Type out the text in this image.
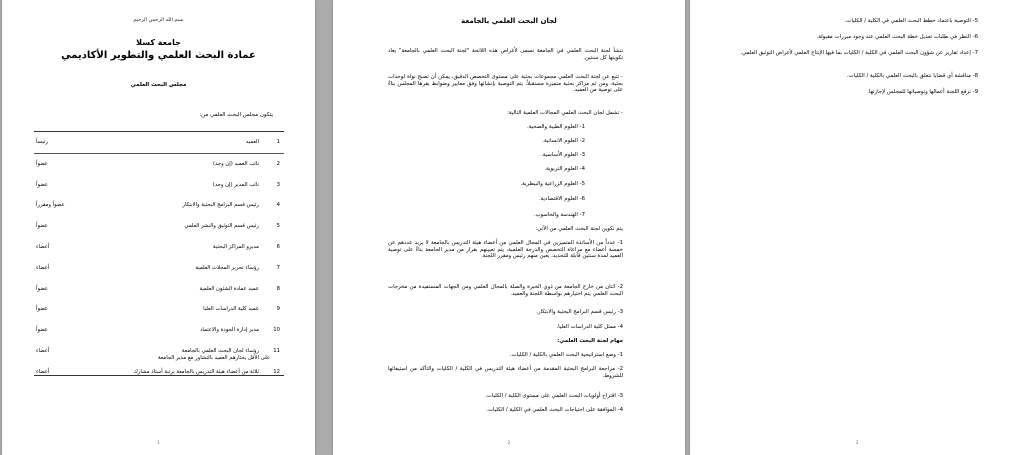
بسم الله الرحمن الرحيم
جامعة كسلا
عمادة البحث العلمي والتطوير الأكاديمي
مجلس البحث العلمي
يتكون مجلس البحث العلمي من:
1
العميد
رئيساً
2
نائب العميد (إن وجد)
عضواً
3
نائب المدير (إن وجد)
عضواً
4
رئيس قسم البرامج البحثية والابتكار
عضواً ومقرراً
5
رئيس قسم التوثيق والنشر العلمي
عضواً
6
مديرو المراكز البحثية
أعضاء
7
رؤساء تحرير المجلات العلمية
أعضاء
8
عميد عمادة الشئون العلمية
عضواً
9
عميد كلية الدراسات العليا
عضواً
10
مدير إدارة الجودة والاعتماد
عضواً
11
رؤساء لجان البحث العلمي بالجامعة
أعضاء
12
ثلاثة من أعضاء هيئة التدريس بالجامعة برتبة أستاذ مشارك
أعضاء
على الأقل يختارهم العميد بالتشاور مع مدير الجامعة
1
لجان البحث العلمي بالجامعة
تنشأ لجنة البحث العلمي في الجامعة تسمى لأغراض هذه اللائحة "لجنة البحث العلمي بالجامعة" يعاد تكوينها كل سنتين.
- تتبع عن لجنة البحث العلمي مجموعات بحثية على مستوى التخصص الدقيق، يمكن أن تصبح نواة لوحدات بحثية، ومن ثم مراكز بحثية متميزة مستقبلاً، يتم التوصية بإنشائها وفق معايير وضوابط يقرها المجلس بناءً على توصية من العميد.
- تشمل لجان البحث العلمي المجالات العلمية التالية:
1- العلوم الطبية والصحية.
2- العلوم الانسانية.
3- العلوم الأساسية.
4- العلوم التربوية.
5- العلوم الزراعية والبيطرية.
6- العلوم الاقتصادية.
7- الهندسة والحاسوب.
يتم تكوين لجنة البحث العلمي من الآتي:
1- عدداً من الأساتذة المتميزين في المجال العلمي من أعضاء هيئة التدريس بالجامعة لا يزيد عددهم عن خمسة أعضاء مع مراعاة التخصص والدرجة العلمية، يتم تعيينهم بقرار من مدير الجامعة بناءً على توصية العميد لمدة سنتين قابلة للتجديد، يعين منهم رئيس ومقرر اللجنة.
2- اثنان من خارج الجامعة من ذوي الخبرة والصلة بالمجال العلمي ومن الجهات المستفيدة من مخرجات البحث العلمي يتم اختيارهم بواسطة اللجنة والعميد.
3- رئيس قسم البرامج البحثية والابتكار.
4- ممثل كلية الدراسات العليا.
مهام لجنة البحث العلمي:
1- وضع استراتيجية البحث العلمي بالكلية / الكليات.
2- مراجعة البرامج البحثية المقدمة من أعضاء هيئة التدريس في الكلية / الكليات والتأكد من استيفائها للشروط.
3- اقتراح أولويات البحث العلمي على مستوى الكلية / الكليات.
4- الموافقة على احتياجات البحث العلمي في الكلية / الكليات.
2
5- التوصية باعتماد خطط البحث العلمي في الكلية / الكليات.
6- النظر في طلبات تعديل خطة البحث العلمي عند وجود مبررات مقبولة.
7- إعداد تقارير عن شؤون البحث العلمي في الكلية / الكليات بما فيها الإنتاج العلمي لأغراض التوثيق العلمي.
8- مناقشة أي قضايا تتعلق بالبحث العلمي بالكلية / الكليات.
9- ترفع اللجنة أعمالها وتوصياتها للمجلس لإجازتها.
3
